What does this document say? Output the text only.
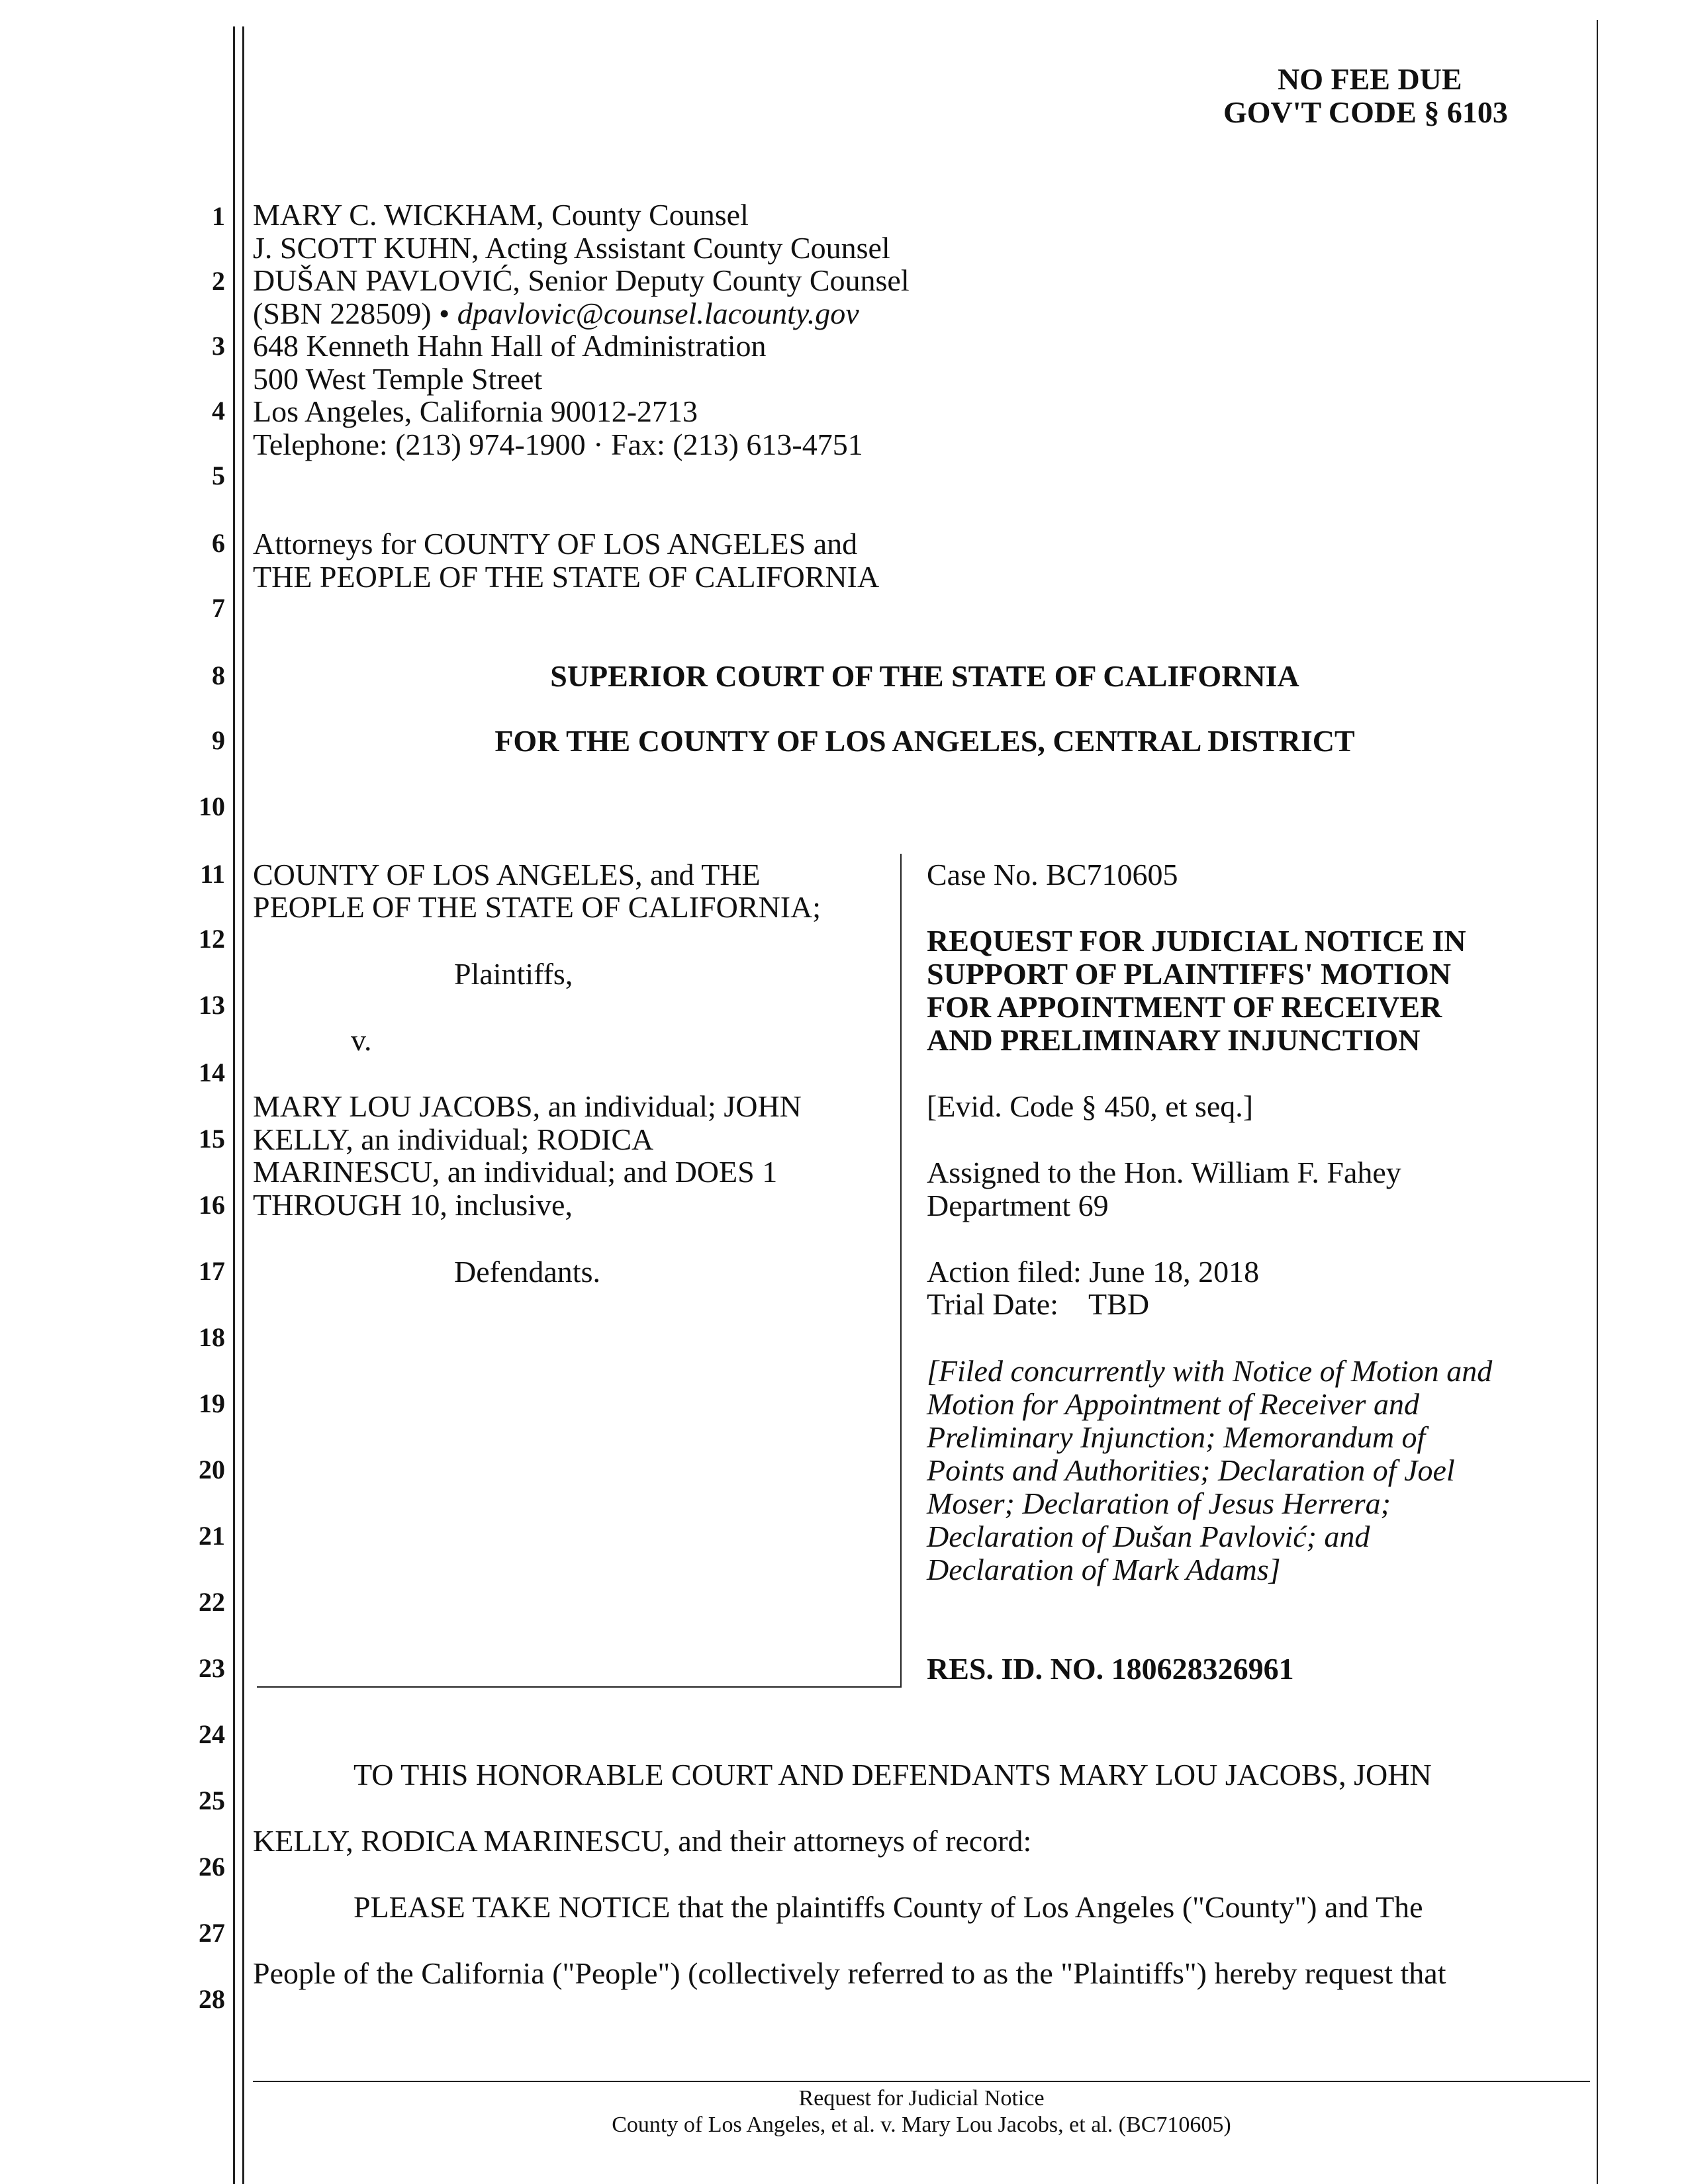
NO FEE DUE
GOV'T CODE § 6103
1
2
3
4
5
6
7
8
9
10
11
12
13
14
15
16
17
18
19
20
21
22
23
24
25
26
27
28
MARY C. WICKHAM, County Counsel
J. SCOTT KUHN, Acting Assistant County Counsel
DUŠAN PAVLOVIĆ, Senior Deputy County Counsel
(SBN 228509) • dpavlovic@counsel.lacounty.gov
648 Kenneth Hahn Hall of Administration
500 West Temple Street
Los Angeles, California 90012-2713
Telephone: (213) 974-1900 · Fax: (213) 613-4751
Attorneys for COUNTY OF LOS ANGELES and
THE PEOPLE OF THE STATE OF CALIFORNIA
SUPERIOR COURT OF THE STATE OF CALIFORNIA
FOR THE COUNTY OF LOS ANGELES, CENTRAL DISTRICT
COUNTY OF LOS ANGELES, and THE
PEOPLE OF THE STATE OF CALIFORNIA;
Plaintiffs,
v.
MARY LOU JACOBS, an individual; JOHN
KELLY, an individual; RODICA
MARINESCU, an individual; and DOES 1
THROUGH 10, inclusive,
Defendants.
Case No. BC710605
REQUEST FOR JUDICIAL NOTICE IN
SUPPORT OF PLAINTIFFS' MOTION
FOR APPOINTMENT OF RECEIVER
AND PRELIMINARY INJUNCTION
[Evid. Code § 450, et seq.]
Assigned to the Hon. William F. Fahey
Department 69
Action filed: June 18, 2018
Trial Date:    TBD
[Filed concurrently with Notice of Motion and
Motion for Appointment of Receiver and
Preliminary Injunction; Memorandum of
Points and Authorities; Declaration of Joel
Moser; Declaration of Jesus Herrera;
Declaration of Dušan Pavlović; and
Declaration of Mark Adams]
RES. ID. NO. 180628326961
TO THIS HONORABLE COURT AND DEFENDANTS MARY LOU JACOBS, JOHN
KELLY, RODICA MARINESCU, and their attorneys of record:
PLEASE TAKE NOTICE that the plaintiffs County of Los Angeles ("County") and The
People of the California ("People") (collectively referred to as the "Plaintiffs") hereby request that
Request for Judicial Notice
County of Los Angeles, et al. v. Mary Lou Jacobs, et al. (BC710605)
